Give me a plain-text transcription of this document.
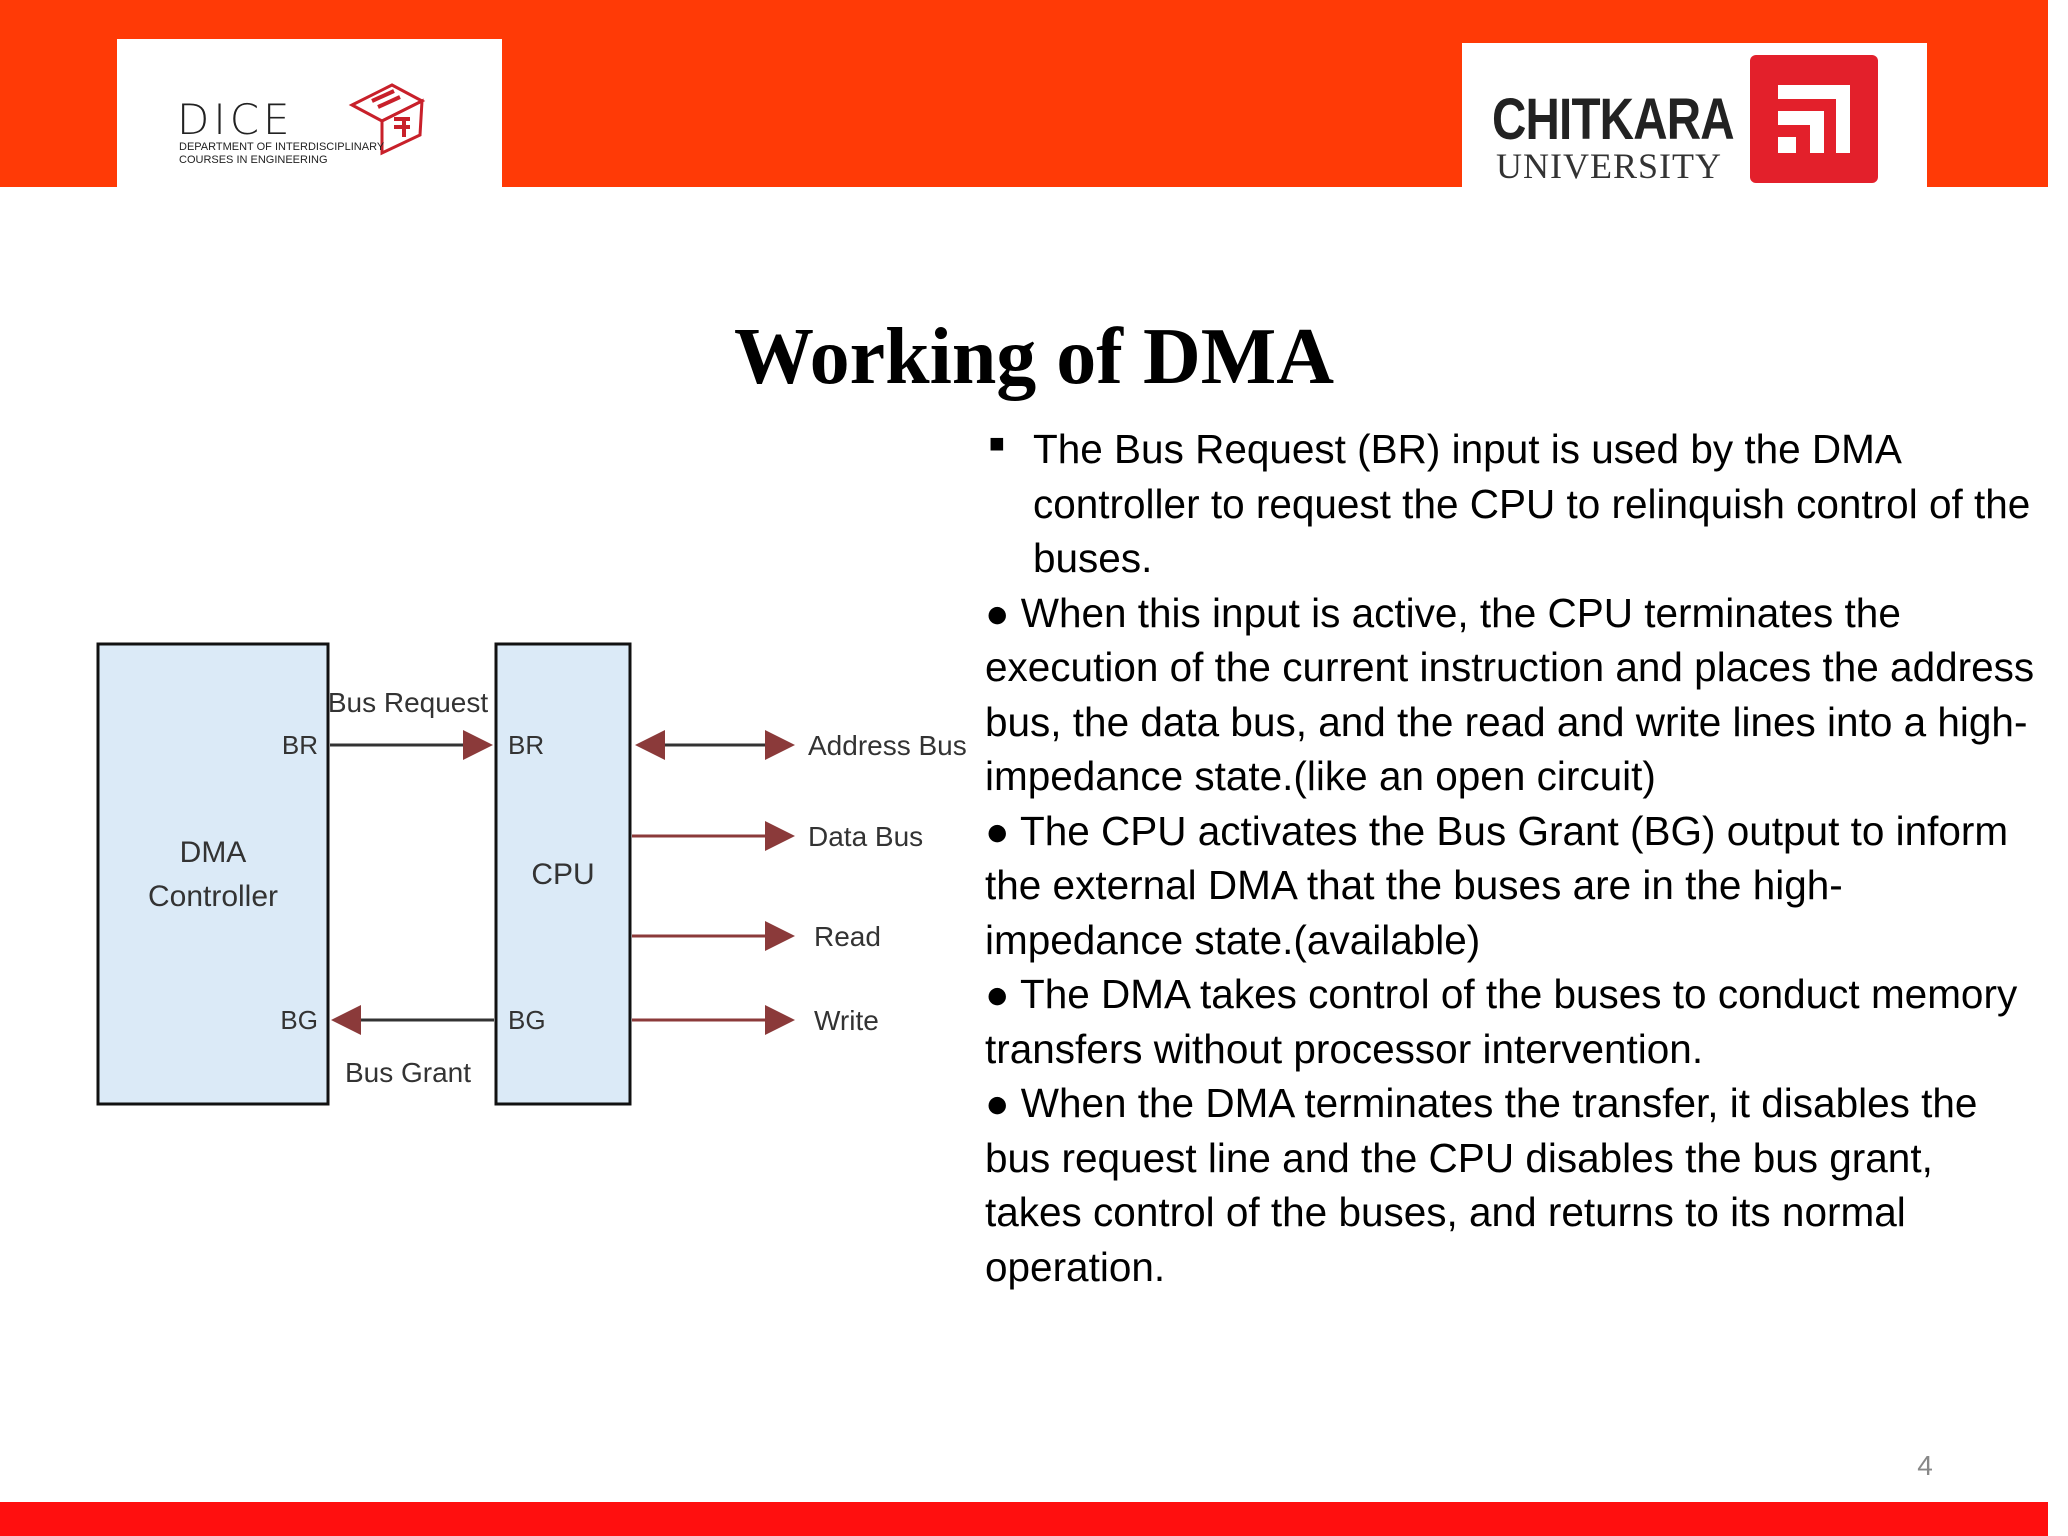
DICE
DEPARTMENT OF INTERDISCIPLINARY
COURSES IN ENGINEERING
CHITKARA
UNIVERSITY
Working of DMA
DMA
Controller
CPU
BR
BG
BR
BG
Bus Request
Bus Grant
Address Bus
Data Bus
Read
Write
■ The Bus Request (BR) input is used by the DMA controller to request the CPU to relinquish control of the buses.

● When this input is active, the CPU terminates the execution of the current instruction and places the address bus, the data bus, and the read and write lines into a high-impedance state.(like an open circuit)

● The CPU activates the Bus Grant (BG) output to inform the external DMA that the buses are in the high-impedance state.(available)

● The DMA takes control of the buses to conduct memory transfers without processor intervention.

● When the DMA terminates the transfer, it disables the bus request line and the CPU disables the bus grant, takes control of the buses, and returns to its normal operation.

4
